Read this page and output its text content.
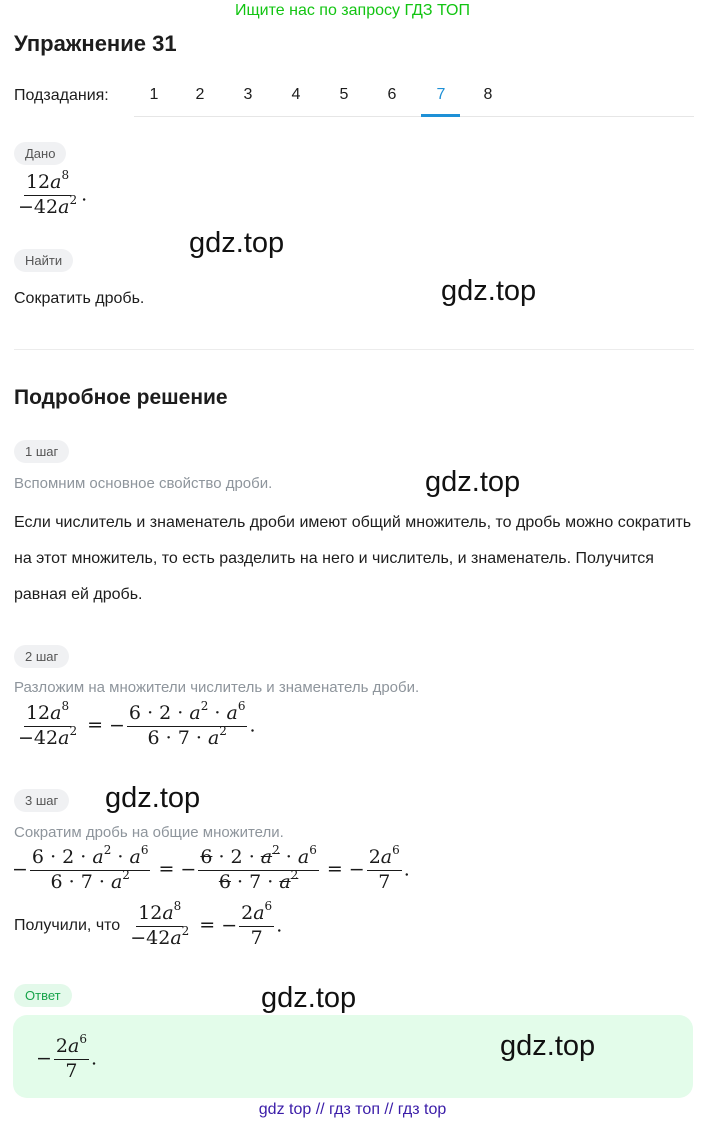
Ищите нас по запросу ГДЗ ТОП
Упражнение 31
Подзадания:	1	2	3	4	5	6	7	8
Дано
$\frac{12a^8}{-42a^2}$ .
gdz.top
Найти
Сократить дробь.	gdz.top
Подробное решение
1 шаг
Вспомним основное свойство дроби.	gdz.top
Если числитель и знаменатель дроби имеют общий множитель, то дробь можно сократить на этот множитель, то есть разделить на него и числитель, и знаменатель. Получится равная ей дробь.
2 шаг
Разложим на множители числитель и знаменатель дроби.
$\frac{12a^8}{-42a^2}$ = − $\frac{6 \cdot 2 \cdot a^2 \cdot a^6}{6 \cdot 7 \cdot a^2}$ .
3 шаг	gdz.top
Сократим дробь на общие множители.
− $\frac{6 \cdot 2 \cdot a^2 \cdot a^6}{6 \cdot 7 \cdot a^2}$ = − $\frac{6 \cdot 2 \cdot a^2 \cdot a^6}{6 \cdot 7 \cdot a^2}$ = − $\frac{2a^6}{7}$ .
Получили, что $\frac{12a^8}{-42a^2}$ = − $\frac{2a^6}{7}$ .
Ответ	gdz.top
− $\frac{2a^6}{7}$ .	gdz.top
gdz top // гдз топ // гдз top
